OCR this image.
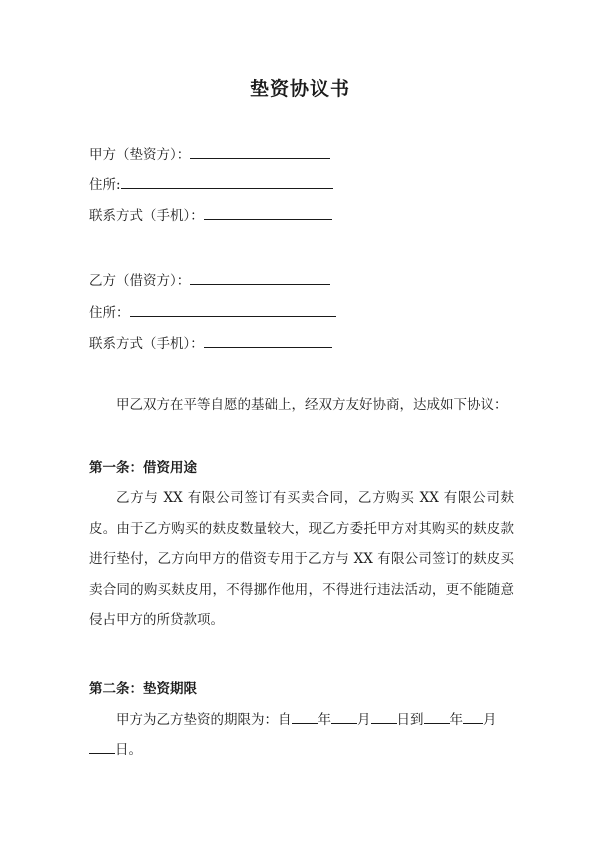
垫资协议书
甲方（垫资方）：
住所:
联系方式（手机）：
乙方（借资方）：
住所：
联系方式（手机）：
甲乙双方在平等自愿的基础上，经双方友好协商，达成如下协议：
第一条：借资用途
乙方与 XX 有限公司签订有买卖合同，乙方购买 XX 有限公司麸皮。由于乙方购买的麸皮数量较大，现乙方委托甲方对其购买的麸皮款进行垫付，乙方向甲方的借资专用于乙方与 XX 有限公司签订的麸皮买卖合同的购买麸皮用，不得挪作他用，不得进行违法活动，更不能随意侵占甲方的所贷款项。
第二条：垫资期限
甲方为乙方垫资的期限为：自 年 月 日到 年 月日。
